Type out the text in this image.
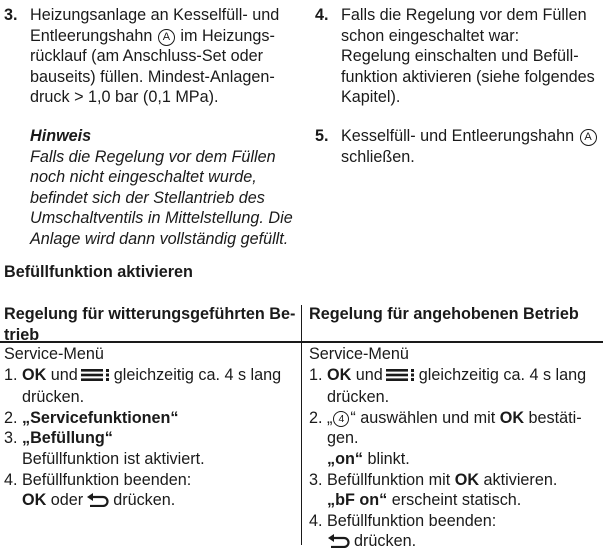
3. Heizungsanlage an Kesselfüll- und
Entleerungshahn A im Heizungs-
rücklauf (am Anschluss-Set oder
bauseits) füllen. Mindest-Anlagen-
druck > 1,0 bar (0,1 MPa).
Hinweis
Falls die Regelung vor dem Füllen
noch nicht eingeschaltet wurde,
befindet sich der Stellantrieb des
Umschaltventils in Mittelstellung. Die
Anlage wird dann vollständig gefüllt.
4. Falls die Regelung vor dem Füllen
schon eingeschaltet war:
Regelung einschalten und Befüll-
funktion aktivieren (siehe folgendes
Kapitel).
5. Kesselfüll- und Entleerungshahn A
schließen.
Befüllfunktion aktivieren
Regelung für witterungsgeführten Be-
trieb
Regelung für angehobenen Betrieb
Service-Menü
1. OK und gleichzeitig ca. 4 s lang
drücken.
2. „Servicefunktionen“
3. „Befüllung“
Befüllfunktion ist aktiviert.
4. Befüllfunktion beenden:
OK oder drücken.
Service-Menü
1. OK und gleichzeitig ca. 4 s lang
drücken.
2. „ 4 “ auswählen und mit OK bestäti-
gen.
„on“ blinkt.
3. Befüllfunktion mit OK aktivieren.
„bF on“ erscheint statisch.
4. Befüllfunktion beenden:
drücken.
